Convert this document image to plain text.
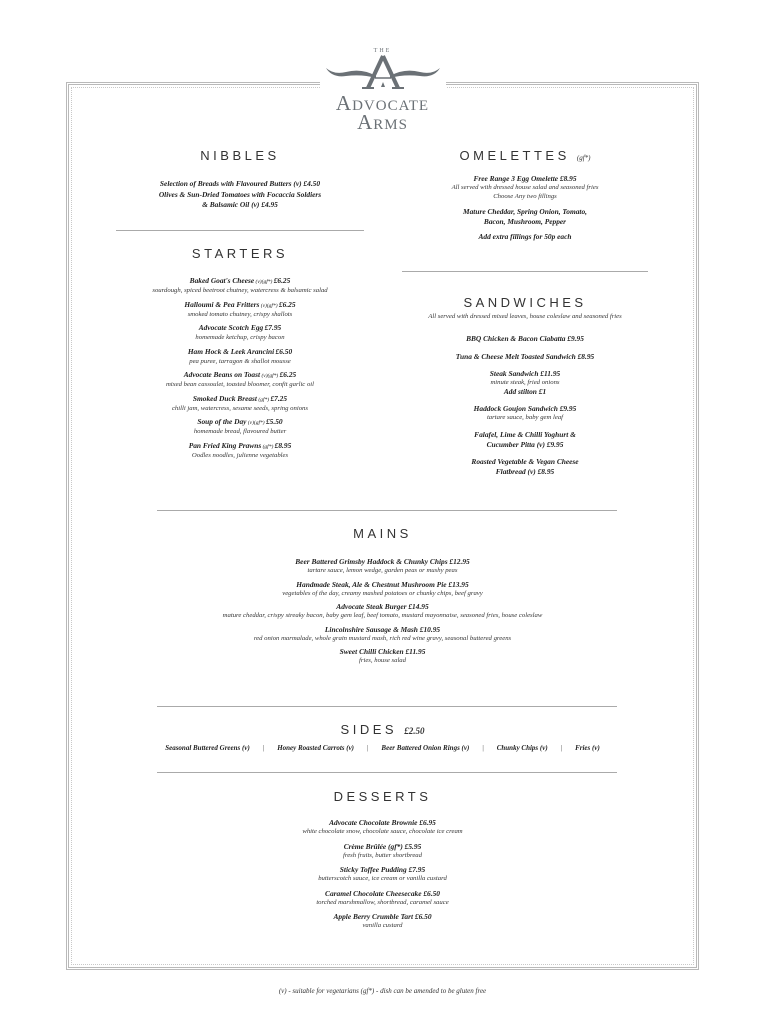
THE
Advocate
Arms
NIBBLES
Selection of Breads with Flavoured Butters (v) £4.50
Olives & Sun-Dried Tomatoes with Focaccia Soldiers
& Balsamic Oil (v) £4.95
STARTERS
Baked Goat's Cheese (v)(gf*) £6.25
sourdough, spiced beetroot chutney, watercress & balsamic salad
Halloumi & Pea Fritters (v)(gf*) £6.25
smoked tomato chutney, crispy shallots
Advocate Scotch Egg £7.95
homemade ketchup, crispy bacon
Ham Hock & Leek Arancini £6.50
pea puree, tarragon & shallot mousse
Advocate Beans on Toast (v)(gf*) £6.25
mixed bean cassoulet, toasted bloomer, confit garlic oil
Smoked Duck Breast (gf*) £7.25
chilli jam, watercress, sesame seeds, spring onions
Soup of the Day (v)(gf*) £5.50
homemade bread, flavoured butter
Pan Fried King Prawns (gf*) £8.95
Oodles noodles, julienne vegetables
OMELETTES (gf*)
Free Range 3 Egg Omelette £8.95
All served with dressed house salad and seasoned fries
Choose Any two fillings
Mature Cheddar, Spring Onion, Tomato,
Bacon, Mushroom, Pepper
Add extra fillings for 50p each
SANDWICHES
All served with dressed mixed leaves, house coleslaw and seasoned fries
BBQ Chicken & Bacon Ciabatta £9.95
Tuna & Cheese Melt Toasted Sandwich £8.95
Steak Sandwich £11.95
minute steak, fried onions
Add stilton £1
Haddock Goujon Sandwich £9.95
tartare sauce, baby gem leaf
Falafel, Lime & Chilli Yoghurt &
Cucumber Pitta (v) £9.95
Roasted Vegetable & Vegan Cheese
Flatbread (v) £8.95
MAINS
Beer Battered Grimsby Haddock & Chunky Chips £12.95
tartare sauce, lemon wedge, garden peas or mushy peas
Handmade Steak, Ale & Chestnut Mushroom Pie £13.95
vegetables of the day, creamy mashed potatoes or chunky chips, beef gravy
Advocate Steak Burger £14.95
mature cheddar, crispy streaky bacon, baby gem leaf, beef tomato, mustard mayonnaise, seasoned fries, house coleslaw
Lincolnshire Sausage & Mash £10.95
red onion marmalade, whole grain mustard mash, rich red wine gravy, seasonal buttered greens
Sweet Chilli Chicken £11.95
fries, house salad
SIDES £2.50
Seasonal Buttered Greens (v) | Honey Roasted Carrots (v) | Beer Battered Onion Rings (v) | Chunky Chips (v) | Fries (v)
DESSERTS
Advocate Chocolate Brownie £6.95
white chocolate snow, chocolate sauce, chocolate ice cream
Crème Brûlée (gf*) £5.95
fresh fruits, butter shortbread
Sticky Toffee Pudding £7.95
butterscotch sauce, ice cream or vanilla custard
Caramel Chocolate Cheesecake £6.50
torched marshmallow, shortbread, caramel sauce
Apple Berry Crumble Tart £6.50
vanilla custard
(v) - suitable for vegetarians (gf*) - dish can be amended to be gluten free
